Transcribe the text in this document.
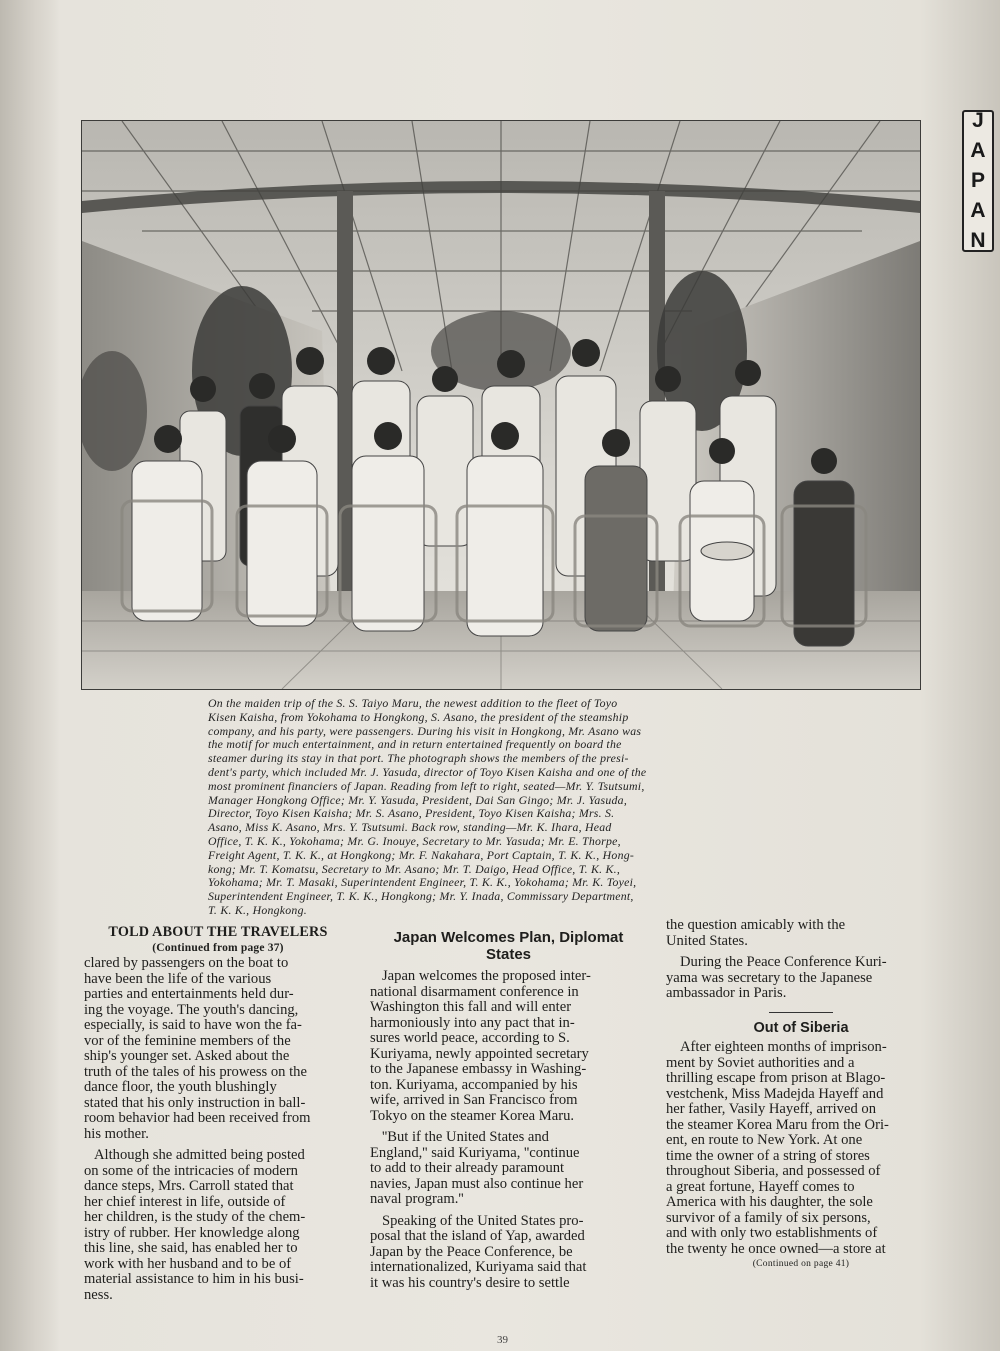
J
A
P
A
N
On the maiden trip of the S. S. Taiyo Maru, the newest addition to the fleet of Toyo
Kisen Kaisha, from Yokohama to Hongkong, S. Asano, the president of the steamship
company, and his party, were passengers. During his visit in Hongkong, Mr. Asano was
the motif for much entertainment, and in return entertained frequently on board the
steamer during its stay in that port. The photograph shows the members of the presi-
dent's party, which included Mr. J. Yasuda, director of Toyo Kisen Kaisha and one of the
most prominent financiers of Japan. Reading from left to right, seated—Mr. Y. Tsutsumi,
Manager Hongkong Office; Mr. Y. Yasuda, President, Dai San Gingo; Mr. J. Yasuda,
Director, Toyo Kisen Kaisha; Mr. S. Asano, President, Toyo Kisen Kaisha; Mrs. S.
Asano, Miss K. Asano, Mrs. Y. Tsutsumi. Back row, standing—Mr. K. Ihara, Head
Office, T. K. K., Yokohama; Mr. G. Inouye, Secretary to Mr. Yasuda; Mr. E. Thorpe,
Freight Agent, T. K. K., at Hongkong; Mr. F. Nakahara, Port Captain, T. K. K., Hong-
kong; Mr. T. Komatsu, Secretary to Mr. Asano; Mr. T. Daigo, Head Office, T. K. K.,
Yokohama; Mr. T. Masaki, Superintendent Engineer, T. K. K., Yokohama; Mr. K. Toyei,
Superintendent Engineer, T. K. K., Hongkong; Mr. Y. Inada, Commissary Department,
T. K. K., Hongkong.
TOLD ABOUT THE TRAVELERS
(Continued from page 37)

clared by passengers on the boat to
have been the life of the various
parties and entertainments held dur-
ing the voyage. The youth's dancing,
especially, is said to have won the fa-
vor of the feminine members of the
ship's younger set. Asked about the
truth of the tales of his prowess on the
dance floor, the youth blushingly
stated that his only instruction in ball-
room behavior had been received from
his mother.

Although she admitted being posted
on some of the intricacies of modern
dance steps, Mrs. Carroll stated that
her chief interest in life, outside of
her children, is the study of the chem-
istry of rubber. Her knowledge along
this line, she said, has enabled her to
work with her husband and to be of
material assistance to him in his busi-
ness.

Japan Welcomes Plan, Diplomat
States

Japan welcomes the proposed inter-
national disarmament conference in
Washington this fall and will enter
harmoniously into any pact that in-
sures world peace, according to S.
Kuriyama, newly appointed secretary
to the Japanese embassy in Washing-
ton. Kuriyama, accompanied by his
wife, arrived in San Francisco from
Tokyo on the steamer Korea Maru.

''But if the United States and
England,'' said Kuriyama, ''continue
to add to their already paramount
navies, Japan must also continue her
naval program.''

Speaking of the United States pro-
posal that the island of Yap, awarded
Japan by the Peace Conference, be
internationalized, Kuriyama said that
it was his country's desire to settle

the question amicably with the
United States.

During the Peace Conference Kuri-
yama was secretary to the Japanese
ambassador in Paris.

Out of Siberia

After eighteen months of imprison-
ment by Soviet authorities and a
thrilling escape from prison at Blago-
vestchenk, Miss Madejda Hayeff and
her father, Vasily Hayeff, arrived on
the steamer Korea Maru from the Ori-
ent, en route to New York. At one
time the owner of a string of stores
throughout Siberia, and possessed of
a great fortune, Hayeff comes to
America with his daughter, the sole
survivor of a family of six persons,
and with only two establishments of
the twenty he once owned—a store at

(Continued on page 41)
39
